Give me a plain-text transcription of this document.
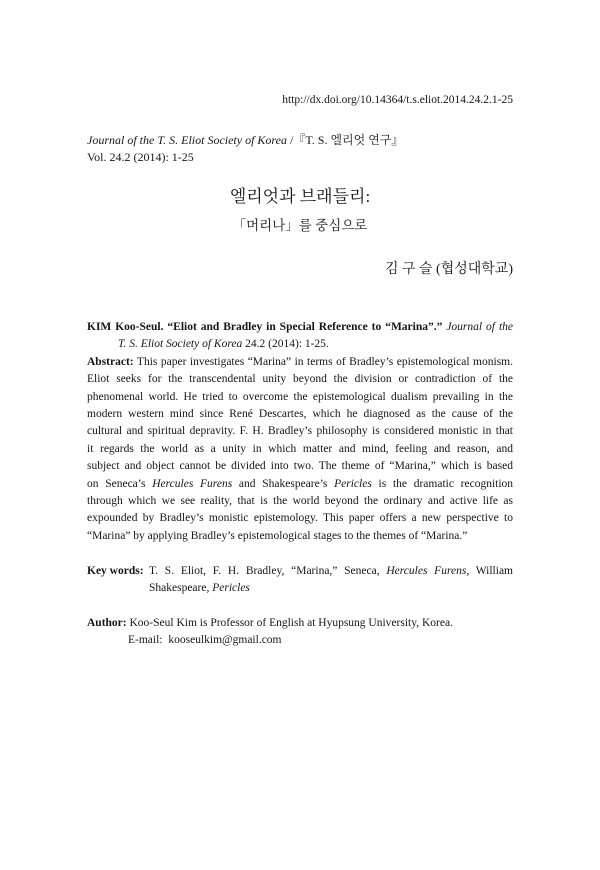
http://dx.doi.org/10.14364/t.s.eliot.2014.24.2.1-25
Journal of the T. S. Eliot Society of Korea /『T. S. 엘리엇 연구』
Vol. 24.2 (2014): 1-25
엘리엇과 브래들리:
「머리나」를 중심으로
김 구 슬 (협성대학교)
KIM Koo-Seul. “Eliot and Bradley in Special Reference to “Marina”.” Journal of the
T. S. Eliot Society of Korea 24.2 (2014): 1-25.
Abstract: This paper investigates “Marina” in terms of Bradley’s epistemological monism.
Eliot seeks for the transcendental unity beyond the division or contradiction of the
phenomenal world. He tried to overcome the epistemological dualism prevailing in the
modern western mind since René Descartes, which he diagnosed as the cause of the
cultural and spiritual depravity. F. H. Bradley’s philosophy is considered monistic in that
it regards the world as a unity in which matter and mind, feeling and reason, and
subject and object cannot be divided into two. The theme of “Marina,” which is based
on Seneca’s Hercules Furens and Shakespeare’s Pericles is the dramatic recognition
through which we see reality, that is the world beyond the ordinary and active life as
expounded by Bradley’s monistic epistemology. This paper offers a new perspective to
“Marina” by applying Bradley’s epistemological stages to the themes of “Marina.”
Key words: T. S. Eliot, F. H. Bradley, “Marina,” Seneca, Hercules Furens, William
Shakespeare, Pericles
Author: Koo-Seul Kim is Professor of English at Hyupsung University, Korea.
E-mail: kooseulkim@gmail.com
